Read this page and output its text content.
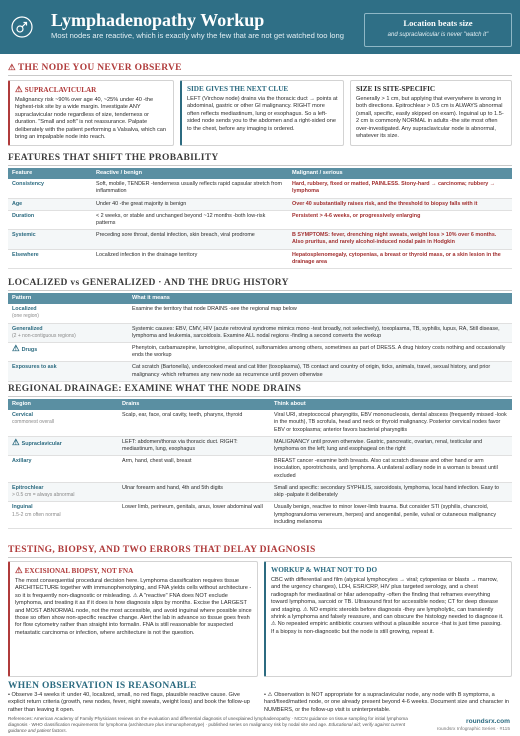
Lymphadenopathy Workup
Most nodes are reactive, which is exactly why the few that are not get watched too long
Location beats size
and supraclavicular is never "watch it"
⚠ THE NODE YOU NEVER OBSERVE
⚠ SUPRACLAVICULAR
Malignancy risk ~90% over age 40, ~25% under 40 -the highest-risk site by a wide margin. Investigate ANY supraclavicular node regardless of size, tenderness or duration. "Small and soft" is not reassurance. Palpate deliberately with the patient performing a Valsalva, which can bring an impalpable node into reach.
SIDE GIVES THE NEXT CLUE
LEFT (Virchow node) drains via the thoracic duct → points at abdominal, gastric or other GI malignancy. RIGHT more often reflects mediastinum, lung or esophagus. So a left-sided node sends you to the abdomen and a right-sided one to the chest, before any imaging is ordered.
SIZE IS SITE-SPECIFIC
Generally > 1 cm, but applying that everywhere is wrong in both directions. Epitrochlear > 0.5 cm is ALWAYS abnormal (small, specific, easily skipped on exam). Inguinal up to 1.5-2 cm is commonly NORMAL in adults -the site most often over-investigated. Any supraclavicular node is abnormal, whatever its size.
FEATURES THAT SHIFT THE PROBABILITY
Feature	Reactive / benign	Malignant / serious
Consistency	Soft, mobile, TENDER -tenderness usually reflects rapid capsular stretch from inflammation	Hard, rubbery, fixed or matted, PAINLESS. Stony-hard → carcinoma; rubbery → lymphoma
Age	Under 40 -the great majority is benign	Over 40 substantially raises risk, and the threshold to biopsy falls with it
Duration	< 2 weeks, or stable and unchanged beyond ~12 months -both low-risk patterns	Persistent > 4-6 weeks, or progressively enlarging
Systemic	Preceding sore throat, dental infection, skin breach, viral prodrome	B SYMPTOMS: fever, drenching night sweats, weight loss > 10% over 6 months. Also pruritus, and rarely alcohol-induced nodal pain in Hodgkin
Elsewhere	Localized infection in the drainage territory	Hepatosplenomegaly, cytopenias, a breast or thyroid mass, or a skin lesion in the drainage area
LOCALIZED vs GENERALIZED · AND THE DRUG HISTORY
Pattern	What it means
Localized
(one region)	Examine the territory that node DRAINS -see the regional map below
Generalized
(2 + non-contiguous regions)	Systemic causes: EBV, CMV, HIV (acute retroviral syndrome mimics mono -test broadly, not selectively), toxoplasma, TB, syphilis, lupus, RA, Still disease, lymphoma and leukemia, sarcoidosis. Examine ALL nodal regions -finding a second converts the workup
⚠ Drugs	Phenytoin, carbamazepine, lamotrigine, allopurinol, sulfonamides among others, sometimes as part of DRESS. A drug history costs nothing and occasionally ends the workup
Exposures to ask	Cat scratch (Bartonella), undercooked meat and cat litter (toxoplasma), TB contact and country of origin, ticks, animals, travel, sexual history, and prior malignancy -which reframes any new node as recurrence until proven otherwise
REGIONAL DRAINAGE: EXAMINE WHAT THE NODE DRAINS
Region	Drains	Think about
Cervical
commonest overall	Scalp, ear, face, oral cavity, teeth, pharynx, thyroid	Viral URI, streptococcal pharyngitis, EBV mononucleosis, dental abscess (frequently missed -look in the mouth), TB scrofula, head and neck or thyroid malignancy. Posterior cervical nodes favor EBV or toxoplasma; anterior favors bacterial pharyngitis
⚠ Supraclavicular	LEFT: abdomen/thorax via thoracic duct. RIGHT: mediastinum, lung, esophagus	MALIGNANCY until proven otherwise. Gastric, pancreatic, ovarian, renal, testicular and lymphoma on the left; lung and esophageal on the right
Axillary	Arm, hand, chest wall, breast	BREAST cancer -examine both breasts. Also cat scratch disease and other hand or arm inoculation, sporotrichosis, and lymphoma. A unilateral axillary node in a woman is breast until excluded
Epitrochlear
> 0.5 cm = always abnormal	Ulnar forearm and hand, 4th and 5th digits	Small and specific: secondary SYPHILIS, sarcoidosis, lymphoma, local hand infection. Easy to skip -palpate it deliberately
Inguinal
1.5-2 cm often normal	Lower limb, perineum, genitals, anus, lower abdominal wall	Usually benign, reactive to minor lower-limb trauma. But consider STI (syphilis, chancroid, lymphogranuloma venereum, herpes) and anogenital, penile, vulval or cutaneous malignancy including melanoma
TESTING, BIOPSY, AND TWO ERRORS THAT DELAY DIAGNOSIS
⚠ EXCISIONAL BIOPSY, NOT FNA
The most consequential procedural decision here. Lymphoma classification requires tissue ARCHITECTURE together with immunophenotyping, and FNA yields cells without architecture -so it is frequently non-diagnostic or misleading. ⚠ A "reactive" FNA does NOT exclude lymphoma, and treating it as if it does is how diagnosis slips by months. Excise the LARGEST and MOST ABNORMAL node, not the most accessible, and avoid inguinal where possible since those so often show non-specific reactive change. Alert the lab in advance so tissue goes fresh for flow cytometry rather than straight into formalin. FNA is still reasonable for suspected metastatic carcinoma or infection, where architecture is not the question.
WORKUP & WHAT NOT TO DO
CBC with differential and film (atypical lymphocytes → viral; cytopenias or blasts → marrow, and the urgency changes), LDH, ESR/CRP, HIV plus targeted serology, and a chest radiograph for mediastinal or hilar adenopathy -often the finding that reframes everything toward lymphoma, sarcoid or TB. Ultrasound first for accessible nodes; CT for deep disease and staging. ⚠ NO empiric steroids before diagnosis -they are lympholytic, can transiently shrink a lymphoma and falsely reassure, and can obscure the histology needed to diagnose it. ⚠ No repeated empiric antibiotic courses without a plausible source -that is just time passing. If a biopsy is non-diagnostic but the node is still growing, repeat it.
WHEN OBSERVATION IS REASONABLE
• Observe 3-4 weeks if: under 40, localized, small, no red flags, plausible reactive cause. Give explicit return criteria (growth, new nodes, fever, night sweats, weight loss) and book the follow-up rather than leaving it open.
• ⚠ Observation is NOT appropriate for a supraclavicular node, any node with B symptoms, a hard/fixed/matted node, or one already present beyond 4-6 weeks. Document size and character in NUMBERS, or the follow-up visit is uninterpretable.
References: American Academy of Family Physicians reviews on the evaluation and differential diagnosis of unexplained lymphadenopathy · NCCN guidance on tissue sampling for initial lymphoma diagnosis · WHO classification requirements for lymphoma (architecture plus immunophenotype) · published series on malignancy risk by nodal site and age. Educational aid; verify against current guidance and patient factors.
roundsrx.com
roundsrx Infographic Series · #115
